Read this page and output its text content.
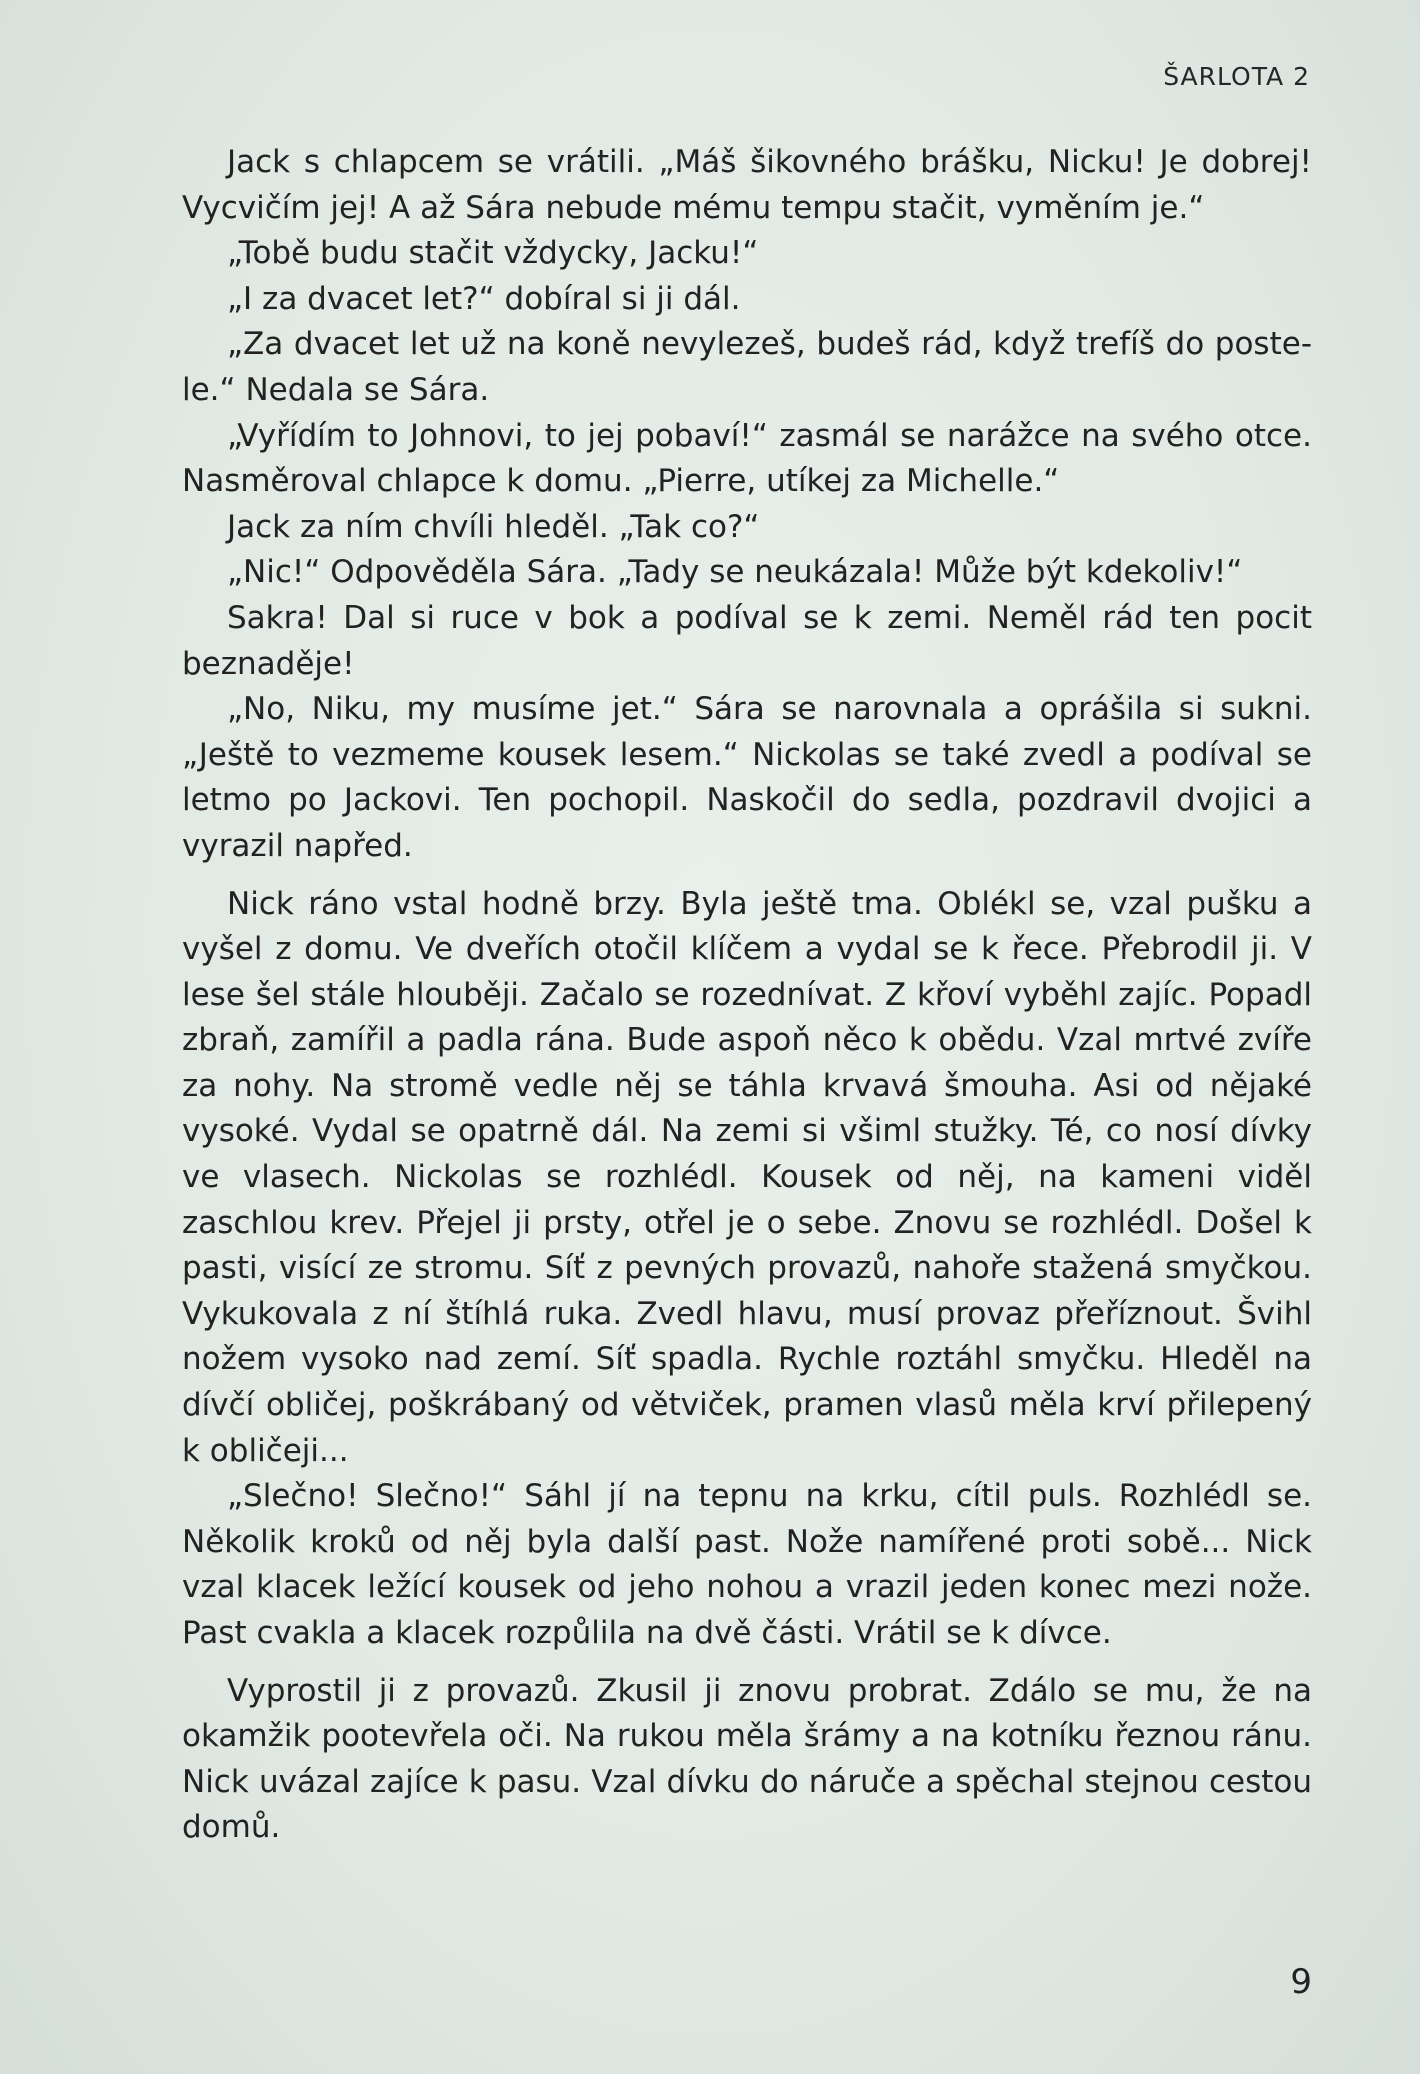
ŠARLOTA 2

Jack s chlapcem se vrátili. „Máš šikovného brášku, Nicku! Je dobrej! Vycvičím jej! A až Sára nebude mému tempu stačit, vyměním je.“

„Tobě budu stačit vždycky, Jacku!“

„I za dvacet let?“ dobíral si ji dál.

„Za dvacet let už na koně nevylezeš, budeš rád, když trefíš do postele.“ Nedala se Sára.

„Vyřídím to Johnovi, to jej pobaví!“ zasmál se narážce na svého otce. Nasměroval chlapce k domu. „Pierre, utíkej za Michelle.“

Jack za ním chvíli hleděl. „Tak co?“

„Nic!“ Odpověděla Sára. „Tady se neukázala! Může být kdekoliv!“

Sakra! Dal si ruce v bok a podíval se k zemi. Neměl rád ten pocit beznaděje!

„No, Niku, my musíme jet.“ Sára se narovnala a oprášila si sukni. „Ještě to vezmeme kousek lesem.“ Nickolas se také zvedl a podíval se letmo po Jackovi. Ten pochopil. Naskočil do sedla, pozdravil dvojici a vyrazil napřed.

Nick ráno vstal hodně brzy. Byla ještě tma. Oblékl se, vzal pušku a vyšel z domu. Ve dveřích otočil klíčem a vydal se k řece. Přebrodil ji. V lese šel stále hlouběji. Začalo se rozednívat. Z křoví vyběhl zajíc. Popadl zbraň, zamířil a padla rána. Bude aspoň něco k obědu. Vzal mrtvé zvíře za nohy. Na stromě vedle něj se táhla krvavá šmouha. Asi od nějaké vysoké. Vydal se opatrně dál. Na zemi si všiml stužky. Té, co nosí dívky ve vlasech. Nickolas se rozhlédl. Kousek od něj, na kameni viděl zaschlou krev. Přejel ji prsty, otřel je o sebe. Znovu se rozhlédl. Došel k pasti, visící ze stromu. Síť z pevných provazů, nahoře stažená smyčkou. Vykukovala z ní štíhlá ruka. Zvedl hlavu, musí provaz přeříznout. Švihl nožem vysoko nad zemí. Síť spadla. Rychle roztáhl smyčku. Hleděl na dívčí obličej, poškrábaný od větviček, pramen vlasů měla krví přilepený k obličeji...

„Slečno! Slečno!“ Sáhl jí na tepnu na krku, cítil puls. Rozhlédl se. Několik kroků od něj byla další past. Nože namířené proti sobě... Nick vzal klacek ležící kousek od jeho nohou a vrazil jeden konec mezi nože. Past cvakla a klacek rozpůlila na dvě části. Vrátil se k dívce.

Vyprostil ji z provazů. Zkusil ji znovu probrat. Zdálo se mu, že na okamžik pootevřela oči. Na rukou měla šrámy a na kotníku řeznou ránu. Nick uvázal zajíce k pasu. Vzal dívku do náruče a spěchal stejnou cestou domů.

9
